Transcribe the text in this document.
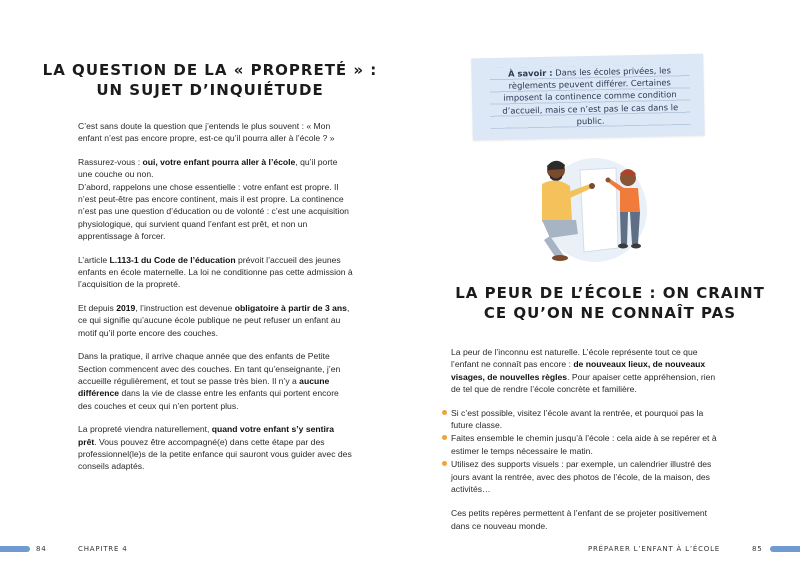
LA QUESTION DE LA « PROPRETÉ » :
UN SUJET D’INQUIÉTUDE

C’est sans doute la question que j’entends le plus souvent : « Mon enfant n’est pas encore propre, est-ce qu’il pourra aller à l’école ? »

Rassurez-vous : oui, votre enfant pourra aller à l’école, qu’il porte une couche ou non.
D’abord, rappelons une chose essentielle : votre enfant est propre. Il n’est peut-être pas encore continent, mais il est propre. La continence n’est pas une question d’éducation ou de volonté : c’est une acquisition physiologique, qui survient quand l’enfant est prêt, et non un apprentissage à forcer.

L’article L.113-1 du Code de l’éducation prévoit l’accueil des jeunes enfants en école maternelle. La loi ne conditionne pas cette admission à l’acquisition de la propreté.

Et depuis 2019, l’instruction est devenue obligatoire à partir de 3 ans, ce qui signifie qu’aucune école publique ne peut refuser un enfant au motif qu’il porte encore des couches.

Dans la pratique, il arrive chaque année que des enfants de Petite Section commencent avec des couches. En tant qu’enseignante, j’en accueille régulièrement, et tout se passe très bien. Il n’y a aucune différence dans la vie de classe entre les enfants qui portent encore des couches et ceux qui n’en portent plus.

La propreté viendra naturellement, quand votre enfant s’y sentira prêt. Vous pouvez être accompagné(e) dans cette étape par des professionnel(le)s de la petite enfance qui sauront vous guider avec des conseils adaptés.

À savoir : Dans les écoles privées, les règlements peuvent différer. Certaines imposent la continence comme condition d’accueil, mais ce n’est pas le cas dans le public.
LA PEUR DE L’ÉCOLE : ON CRAINT
CE QU’ON NE CONNAÎT PAS

La peur de l’inconnu est naturelle. L’école représente tout ce que l’enfant ne connaît pas encore : de nouveaux lieux, de nouveaux visages, de nouvelles règles. Pour apaiser cette appréhension, rien de tel que de rendre l’école concrète et familière.

Si c’est possible, visitez l’école avant la rentrée, et pourquoi pas la future classe.
Faites ensemble le chemin jusqu’à l’école : cela aide à se repérer et à estimer le temps nécessaire le matin.
Utilisez des supports visuels : par exemple, un calendrier illustré des jours avant la rentrée, avec des photos de l’école, de la maison, des activités…

Ces petits repères permettent à l’enfant de se projeter positivement dans ce nouveau monde.

84	CHAPITRE 4	PRÉPARER L’ENFANT À L’ÉCOLE	85
